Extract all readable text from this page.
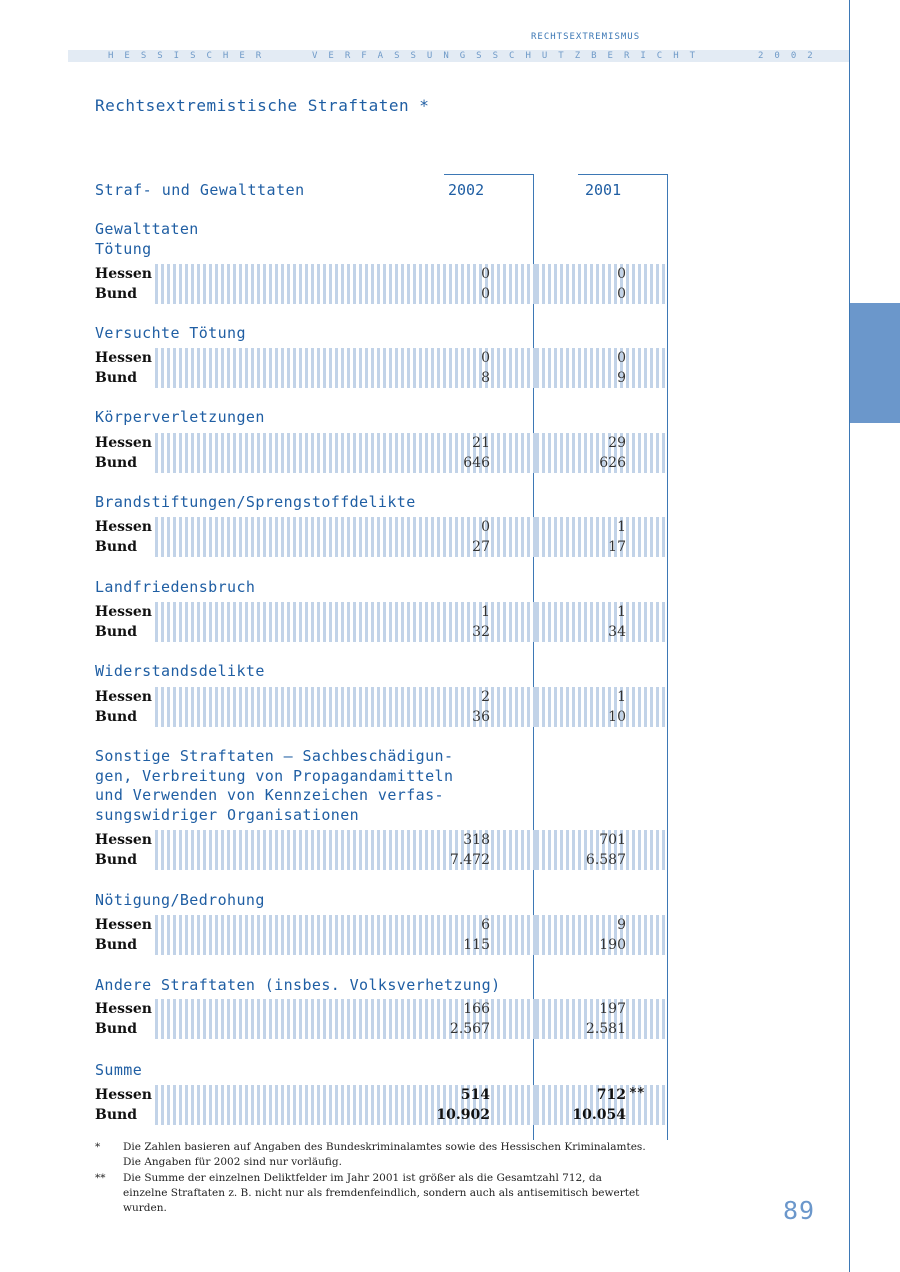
RECHTSEXTREMISMUS
HESSISCHER	VERFASSUNGSSCHUTZBERICHT	2002
Rechtsextremistische Straftaten *
Straf- und Gewalttaten	2002	2001
Gewalttaten
Tötung
Hessen	0	0
Bund	0	0
Versuchte Tötung
Hessen	0	0
Bund	8	9
Körperverletzungen
Hessen	21	29
Bund	646	626
Brandstiftungen/Sprengstoffdelikte
Hessen	0	1
Bund	27	17
Landfriedensbruch
Hessen	1	1
Bund	32	34
Widerstandsdelikte
Hessen	2	1
Bund	36	10
Sonstige Straftaten – Sachbeschädigun-
gen, Verbreitung von Propagandamitteln
und Verwenden von Kennzeichen verfas-
sungswidriger Organisationen
Hessen	318	701
Bund	7.472	6.587
Nötigung/Bedrohung
Hessen	6	9
Bund	115	190
Andere Straftaten (insbes. Volksverhetzung)
Hessen	166	197
Bund	2.567	2.581
Summe
Hessen	514	712
Bund	10.902	10.054
**
* Die Zahlen basieren auf Angaben des Bundeskriminalamtes sowie des Hessischen Kriminalamtes.
Die Angaben für 2002 sind nur vorläufig.
** Die Summe der einzelnen Deliktfelder im Jahr 2001 ist größer als die Gesamtzahl 712, da
einzelne Straftaten z. B. nicht nur als fremdenfeindlich, sondern auch als antisemitisch bewertet wurden.	89
